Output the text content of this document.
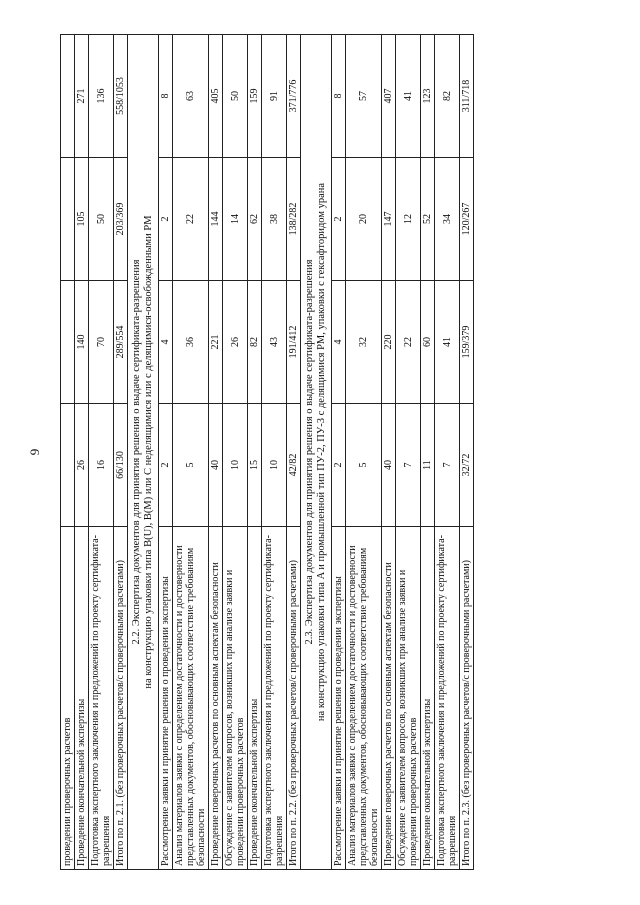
9
проведении проверочных расчетов				
Проведение окончательной экспертизы	26	140	105	271
Подготовка экспертного заключения и предложений по проекту сертификата-разрешения	16	70	50	136
Итого по п. 2.1. (без проверочных расчетов/с проверочными расчетами)	66/130	289/554	203/369	558/1053

2.2. Экспертиза документов для принятия решения о выдаче сертификата-разрешения на конструкцию упаковки типа B(U), B(M) или C неделящимися или с делящимися-освобожденными РМ				

Рассмотрение заявки и принятие решения о проведении экспертизы	2	4	2	8
Анализ материалов заявки с определением достаточности и достоверности представленных документов, обосновывающих соответствие требованиям безопасности	5	36	22	63
Проведение поверочных расчетов по основным аспектам безопасности	40	221	144	405
Обсуждение с заявителем вопросов, возникших при анализе заявки и проведении проверочных расчетов	10	26	14	50
Проведение окончательной экспертизы	15	82	62	159
Подготовка экспертного заключения и предложений по проекту сертификата-разрешения	10	43	38	91
Итого по п. 2.2. (без проверочных расчетов/с проверочными расчетами)	42/82	191/412	138/282	371/776

2.3. Экспертиза документов для принятия решения о выдаче сертификата-разрешения на конструкцию упаковки типа A и промышленной тип ПУ-2, ПУ-3 с делящимися РМ, упаковки с гексафторидом урана				

Рассмотрение заявки и принятие решения о проведении экспертизы	2	4	2	8
Анализ материалов заявки с определением достаточности и достоверности представленных документов, обосновывающих соответствие требованиям безопасности	5	32	20	57
Проведение поверочных расчетов по основным аспектам безопасности	40	220	147	407
Обсуждение с заявителем вопросов, возникших при анализе заявки и проведении проверочных расчетов	7	22	12	41
Проведение окончательной экспертизы	11	60	52	123
Подготовка экспертного заключения и предложений по проекту сертификата-разрешения	7	41	34	82
Итого по п. 2.3. (без проверочных расчетов/с проверочными расчетами)	32/72	159/379	120/267	311/718
